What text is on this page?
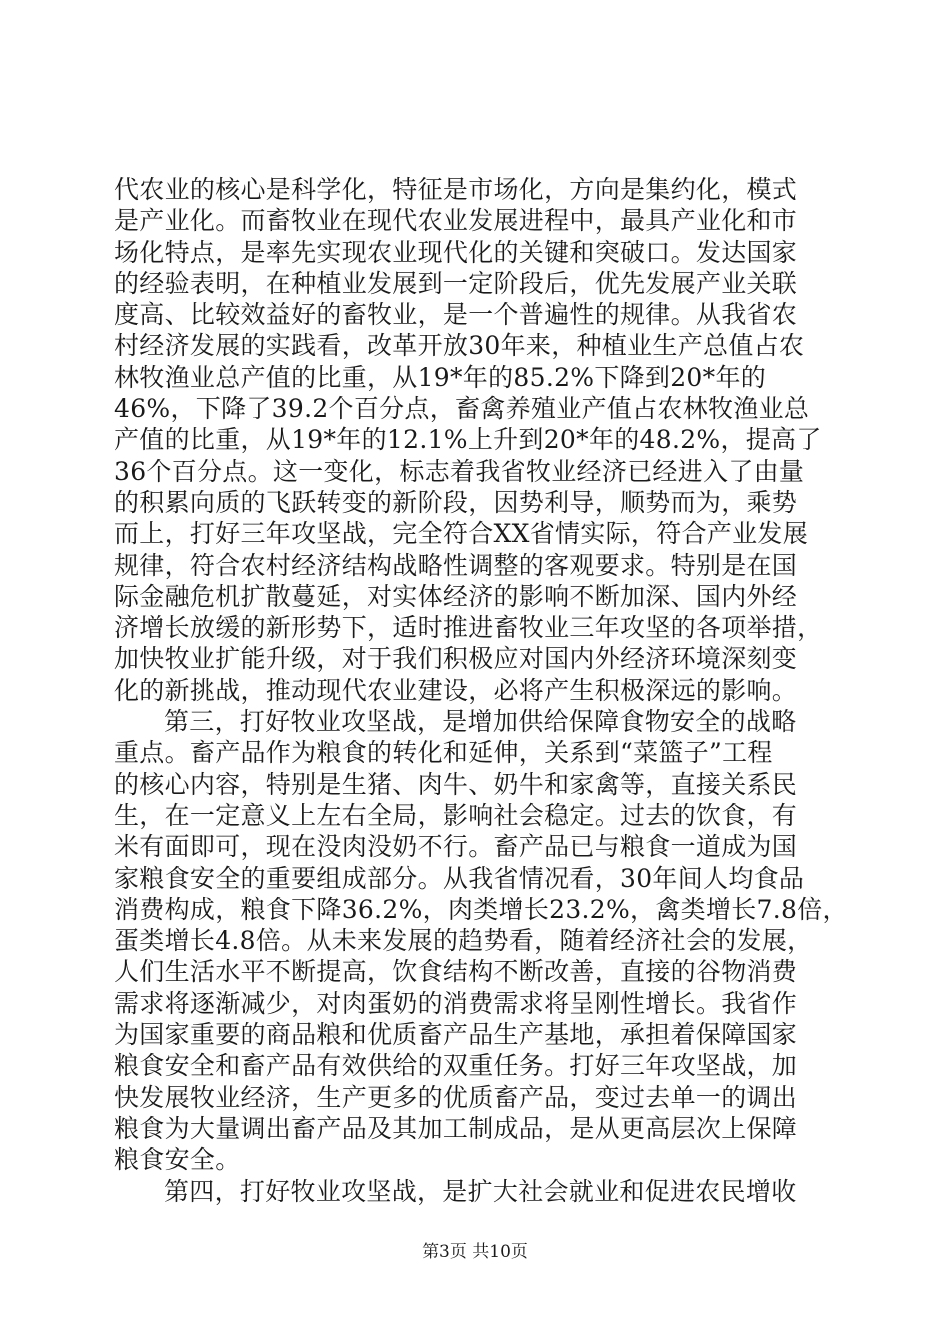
代农业的核心是科学化，特征是市场化，方向是集约化，模式
是产业化。而畜牧业在现代农业发展进程中，最具产业化和市
场化特点，是率先实现农业现代化的关键和突破口。发达国家
的经验表明，在种植业发展到一定阶段后，优先发展产业关联
度高、比较效益好的畜牧业，是一个普遍性的规律。从我省农
村经济发展的实践看，改革开放30年来，种植业生产总值占农
林牧渔业总产值的比重，从19*年的85.2%下降到20*年的
46%，下降了39.2个百分点，畜禽养殖业产值占农林牧渔业总
产值的比重，从19*年的12.1%上升到20*年的48.2%，提高了
36个百分点。这一变化，标志着我省牧业经济已经进入了由量
的积累向质的飞跃转变的新阶段，因势利导，顺势而为，乘势
而上，打好三年攻坚战，完全符合XX省情实际，符合产业发展
规律，符合农村经济结构战略性调整的客观要求。特别是在国
际金融危机扩散蔓延，对实体经济的影响不断加深、国内外经
济增长放缓的新形势下，适时推进畜牧业三年攻坚的各项举措，
加快牧业扩能升级，对于我们积极应对国内外经济环境深刻变
化的新挑战，推动现代农业建设，必将产生积极深远的影响。
第三，打好牧业攻坚战，是增加供给保障食物安全的战略
重点。畜产品作为粮食的转化和延伸，关系到“菜篮子”工程
的核心内容，特别是生猪、肉牛、奶牛和家禽等，直接关系民
生，在一定意义上左右全局，影响社会稳定。过去的饮食，有
米有面即可，现在没肉没奶不行。畜产品已与粮食一道成为国
家粮食安全的重要组成部分。从我省情况看，30年间人均食品
消费构成，粮食下降36.2%，肉类增长23.2%，禽类增长7.8倍，
蛋类增长4.8倍。从未来发展的趋势看，随着经济社会的发展，
人们生活水平不断提高，饮食结构不断改善，直接的谷物消费
需求将逐渐减少，对肉蛋奶的消费需求将呈刚性增长。我省作
为国家重要的商品粮和优质畜产品生产基地，承担着保障国家
粮食安全和畜产品有效供给的双重任务。打好三年攻坚战，加
快发展牧业经济，生产更多的优质畜产品，变过去单一的调出
粮食为大量调出畜产品及其加工制成品，是从更高层次上保障
粮食安全。
第四，打好牧业攻坚战，是扩大社会就业和促进农民增收
第3页 共10页
